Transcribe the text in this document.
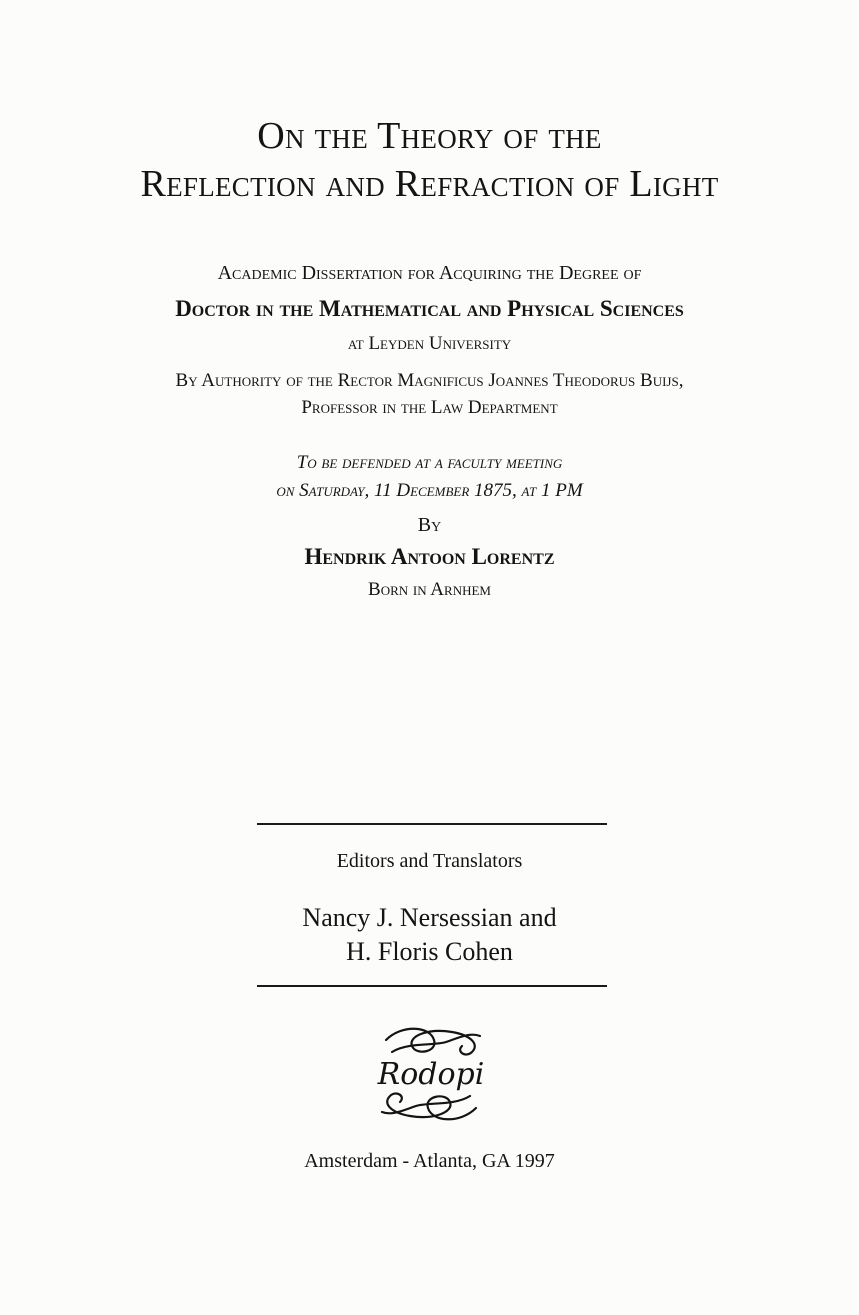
On the Theory of the
Reflection and Refraction of Light
Academic Dissertation for Acquiring the Degree of
Doctor in the Mathematical and Physical Sciences
at Leyden University
By Authority of the Rector Magnificus Joannes Theodorus Buijs,
Professor in the Law Department
To be defended at a faculty meeting
on Saturday, 11 December 1875, at 1 PM
By
Hendrik Antoon Lorentz
Born in Arnhem
Editors and Translators
Nancy J. Nersessian and
H. Floris Cohen
Rodopi
Amsterdam - Atlanta, GA 1997
